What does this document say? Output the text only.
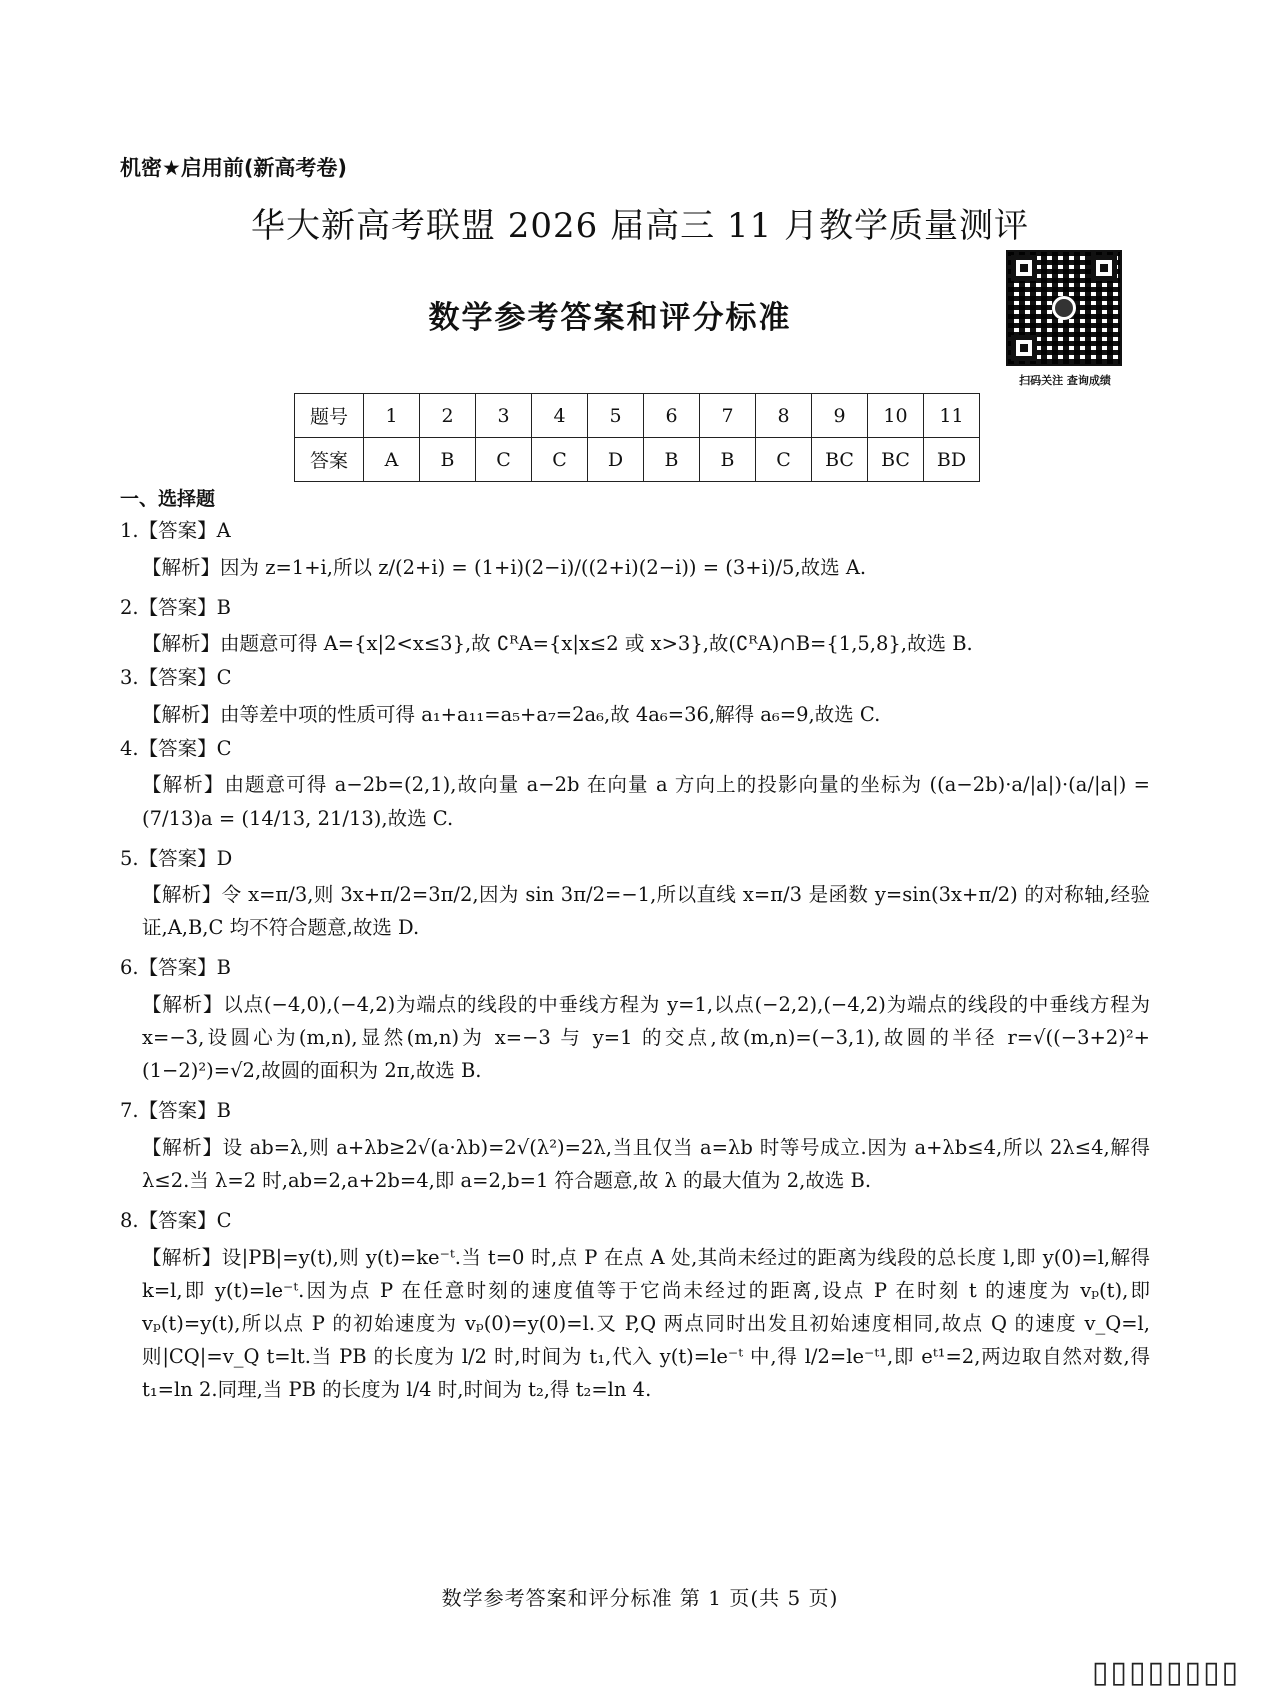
机密★启用前(新高考卷)
华大新高考联盟 2026 届高三 11 月教学质量测评
数学参考答案和评分标准
扫码关注 查询成绩
题号	1	2	3	4	5	6	7	8	9	10	11
答案	A	B	C	C	D	B	B	C	BC	BC	BD
一、选择题
1.【答案】A
【解析】因为 z=1+i,所以 z/(2+i) = (1+i)(2−i)/((2+i)(2−i)) = (3+i)/5,故选 A.
2.【答案】B
【解析】由题意可得 A={x|2<x≤3},故 ∁ᴿA={x|x≤2 或 x>3},故(∁ᴿA)∩B={1,5,8},故选 B.
3.【答案】C
【解析】由等差中项的性质可得 a₁+a₁₁=a₅+a₇=2a₆,故 4a₆=36,解得 a₆=9,故选 C.
4.【答案】C
【解析】由题意可得 a−2b=(2,1),故向量 a−2b 在向量 a 方向上的投影向量的坐标为 ((a−2b)·a/|a|)·(a/|a|) = (7/13)a = (14/13, 21/13),故选 C.
5.【答案】D
【解析】令 x=π/3,则 3x+π/2=3π/2,因为 sin 3π/2=−1,所以直线 x=π/3 是函数 y=sin(3x+π/2) 的对称轴,经验证,A,B,C 均不符合题意,故选 D.
6.【答案】B
【解析】以点(−4,0),(−4,2)为端点的线段的中垂线方程为 y=1,以点(−2,2),(−4,2)为端点的线段的中垂线方程为 x=−3,设圆心为(m,n),显然(m,n)为 x=−3 与 y=1 的交点,故(m,n)=(−3,1),故圆的半径 r=√((−3+2)²+(1−2)²)=√2,故圆的面积为 2π,故选 B.
7.【答案】B
【解析】设 ab=λ,则 a+λb≥2√(a·λb)=2√(λ²)=2λ,当且仅当 a=λb 时等号成立.因为 a+λb≤4,所以 2λ≤4,解得 λ≤2.当 λ=2 时,ab=2,a+2b=4,即 a=2,b=1 符合题意,故 λ 的最大值为 2,故选 B.
8.【答案】C
【解析】设|PB|=y(t),则 y(t)=ke⁻ᵗ.当 t=0 时,点 P 在点 A 处,其尚未经过的距离为线段的总长度 l,即 y(0)=l,解得 k=l,即 y(t)=le⁻ᵗ.因为点 P 在任意时刻的速度值等于它尚未经过的距离,设点 P 在时刻 t 的速度为 vₚ(t),即 vₚ(t)=y(t),所以点 P 的初始速度为 vₚ(0)=y(0)=l.又 P,Q 两点同时出发且初始速度相同,故点 Q 的速度 v_Q=l,则|CQ|=v_Q t=lt.当 PB 的长度为 l/2 时,时间为 t₁,代入 y(t)=le⁻ᵗ 中,得 l/2=le⁻ᵗ¹,即 eᵗ¹=2,两边取自然对数,得 t₁=ln 2.同理,当 PB 的长度为 l/4 时,时间为 t₂,得 t₂=ln 4.
数学参考答案和评分标准 第 1 页(共 5 页)
▯▯▯▯▯▯▯▯
